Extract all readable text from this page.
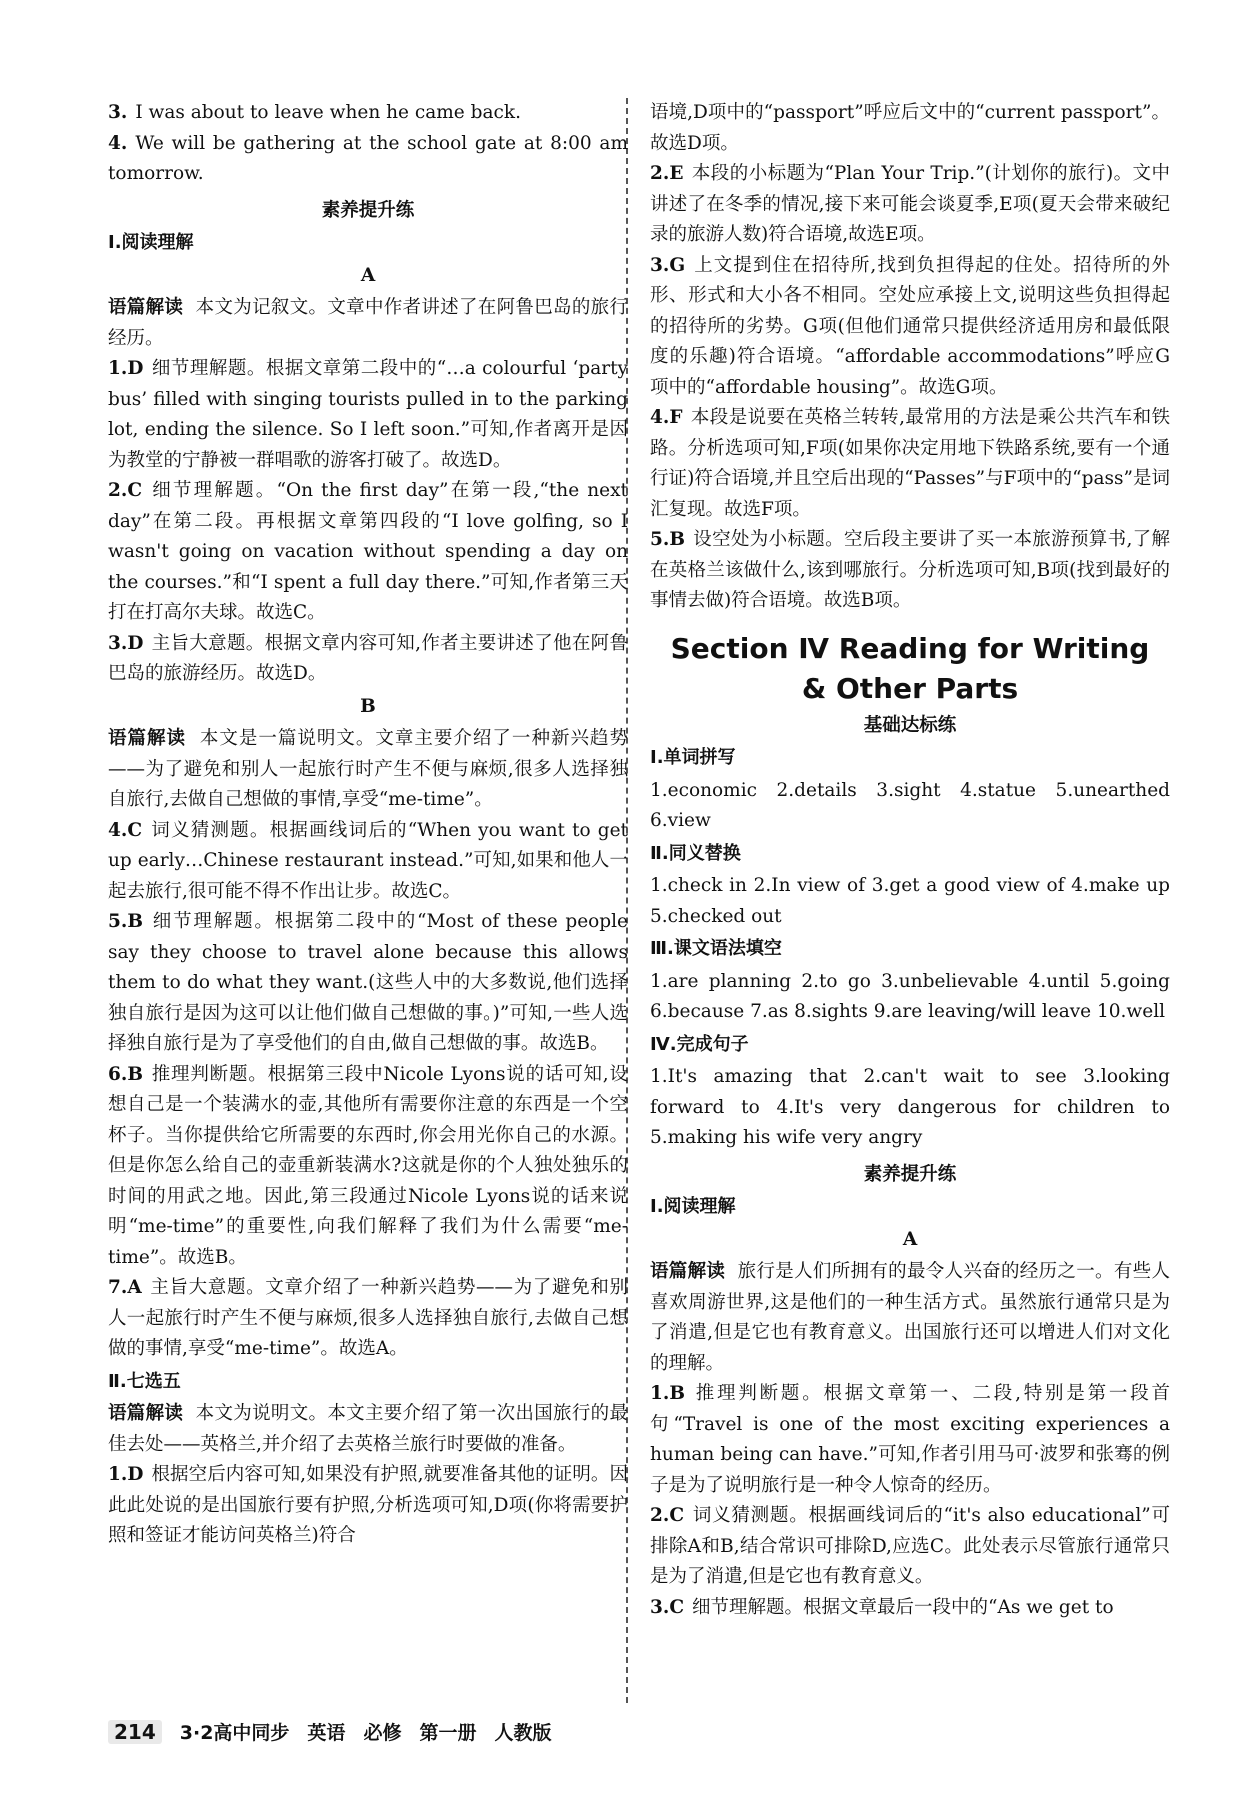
3. I was about to leave when he came back.

4. We will be gathering at the school gate at 8:00 am tomorrow.

素养提升练

Ⅰ.阅读理解

A

语篇解读 本文为记叙文。文章中作者讲述了在阿鲁巴岛的旅行经历。

1.D 细节理解题。根据文章第二段中的“…a colourful ‘party bus’ filled with singing tourists pulled in to the parking lot, ending the silence. So I left soon.”可知,作者离开是因为教堂的宁静被一群唱歌的游客打破了。故选D。

2.C 细节理解题。“On the first day”在第一段,“the next day”在第二段。再根据文章第四段的“I love golfing, so I wasn't going on vacation without spending a day on the courses.”和“I spent a full day there.”可知,作者第三天打在打高尔夫球。故选C。

3.D 主旨大意题。根据文章内容可知,作者主要讲述了他在阿鲁巴岛的旅游经历。故选D。

B

语篇解读 本文是一篇说明文。文章主要介绍了一种新兴趋势——为了避免和别人一起旅行时产生不便与麻烦,很多人选择独自旅行,去做自己想做的事情,享受“me-time”。

4.C 词义猜测题。根据画线词后的“When you want to get up early…Chinese restaurant instead.”可知,如果和他人一起去旅行,很可能不得不作出让步。故选C。

5.B 细节理解题。根据第二段中的“Most of these people say they choose to travel alone because this allows them to do what they want.(这些人中的大多数说,他们选择独自旅行是因为这可以让他们做自己想做的事。)”可知,一些人选择独自旅行是为了享受他们的自由,做自己想做的事。故选B。

6.B 推理判断题。根据第三段中Nicole Lyons说的话可知,设想自己是一个装满水的壶,其他所有需要你注意的东西是一个空杯子。当你提供给它所需要的东西时,你会用光你自己的水源。但是你怎么给自己的壶重新装满水?这就是你的个人独处独乐的时间的用武之地。因此,第三段通过Nicole Lyons说的话来说明“me-time”的重要性,向我们解释了我们为什么需要“me-time”。故选B。

7.A 主旨大意题。文章介绍了一种新兴趋势——为了避免和别人一起旅行时产生不便与麻烦,很多人选择独自旅行,去做自己想做的事情,享受“me-time”。故选A。

Ⅱ.七选五

语篇解读 本文为说明文。本文主要介绍了第一次出国旅行的最佳去处——英格兰,并介绍了去英格兰旅行时要做的准备。

1.D 根据空后内容可知,如果没有护照,就要准备其他的证明。因此此处说的是出国旅行要有护照,分析选项可知,D项(你将需要护照和签证才能访问英格兰)符合

语境,D项中的“passport”呼应后文中的“current passport”。故选D项。

2.E 本段的小标题为“Plan Your Trip.”(计划你的旅行)。文中讲述了在冬季的情况,接下来可能会谈夏季,E项(夏天会带来破纪录的旅游人数)符合语境,故选E项。

3.G 上文提到住在招待所,找到负担得起的住处。招待所的外形、形式和大小各不相同。空处应承接上文,说明这些负担得起的招待所的劣势。G项(但他们通常只提供经济适用房和最低限度的乐趣)符合语境。“affordable accommodations”呼应G项中的“affordable housing”。故选G项。

4.F 本段是说要在英格兰转转,最常用的方法是乘公共汽车和铁路。分析选项可知,F项(如果你决定用地下铁路系统,要有一个通行证)符合语境,并且空后出现的“Passes”与F项中的“pass”是词汇复现。故选F项。

5.B 设空处为小标题。空后段主要讲了买一本旅游预算书,了解在英格兰该做什么,该到哪旅行。分析选项可知,B项(找到最好的事情去做)符合语境。故选B项。

Section Ⅳ Reading for Writing

& Other Parts

基础达标练

Ⅰ.单词拼写

1.economic 2.details 3.sight 4.statue 5.unearthed 6.view

Ⅱ.同义替换

1.check in 2.In view of 3.get a good view of 4.make up 5.checked out

Ⅲ.课文语法填空

1.are planning 2.to go 3.unbelievable 4.until 5.going 6.because 7.as 8.sights 9.are leaving/will leave 10.well

Ⅳ.完成句子

1.It's amazing that 2.can't wait to see 3.looking forward to 4.It's very dangerous for children to 5.making his wife very angry

素养提升练

Ⅰ.阅读理解

A

语篇解读 旅行是人们所拥有的最令人兴奋的经历之一。有些人喜欢周游世界,这是他们的一种生活方式。虽然旅行通常只是为了消遣,但是它也有教育意义。出国旅行还可以增进人们对文化的理解。

1.B 推理判断题。根据文章第一、二段,特别是第一段首句“Travel is one of the most exciting experiences a human being can have.”可知,作者引用马可·波罗和张骞的例子是为了说明旅行是一种令人惊奇的经历。

2.C 词义猜测题。根据画线词后的“it's also educational”可排除A和B,结合常识可排除D,应选C。此处表示尽管旅行通常只是为了消遣,但是它也有教育意义。

3.C 细节理解题。根据文章最后一段中的“As we get to

214	3·2高中同步 英语 必修 第一册 人教版
